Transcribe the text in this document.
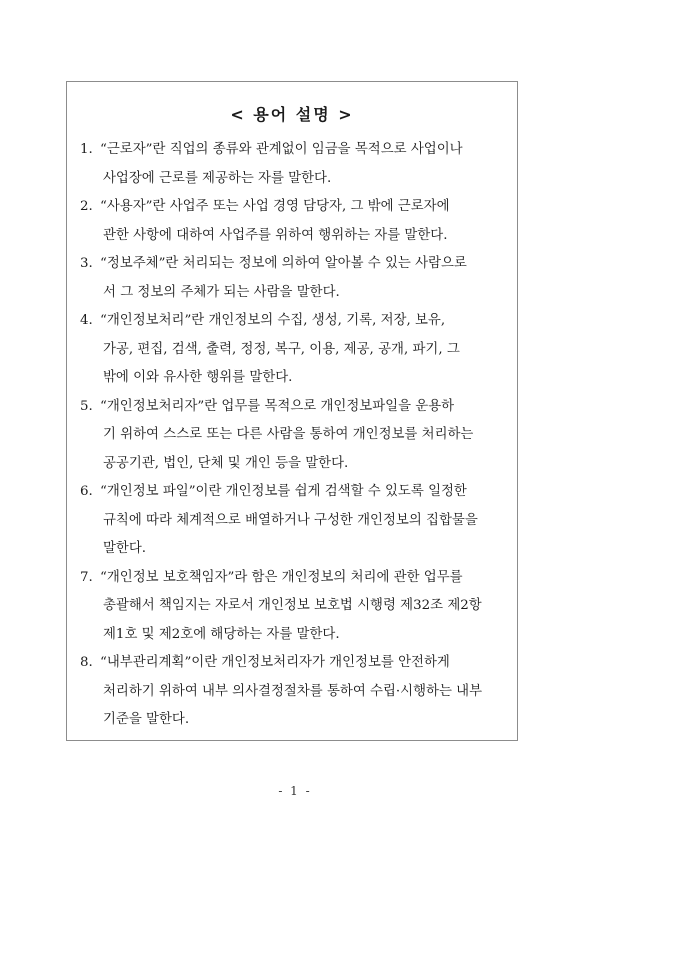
< 용어 설명 >
1. “근로자”란 직업의 종류와 관계없이 임금을 목적으로 사업이나
사업장에 근로를 제공하는 자를 말한다.
2. “사용자”란 사업주 또는 사업 경영 담당자, 그 밖에 근로자에
관한 사항에 대하여 사업주를 위하여 행위하는 자를 말한다.
3. “정보주체”란 처리되는 정보에 의하여 알아볼 수 있는 사람으로
서 그 정보의 주체가 되는 사람을 말한다.
4. “개인정보처리”란 개인정보의 수집, 생성, 기록, 저장, 보유,
가공, 편집, 검색, 출력, 정정, 복구, 이용, 제공, 공개, 파기, 그
밖에 이와 유사한 행위를 말한다.
5. “개인정보처리자”란 업무를 목적으로 개인정보파일을 운용하
기 위하여 스스로 또는 다른 사람을 통하여 개인정보를 처리하는
공공기관, 법인, 단체 및 개인 등을 말한다.
6. “개인정보 파일”이란 개인정보를 쉽게 검색할 수 있도록 일정한
규칙에 따라 체계적으로 배열하거나 구성한 개인정보의 집합물을
말한다.
7. “개인정보 보호책임자”라 함은 개인정보의 처리에 관한 업무를
총괄해서 책임지는 자로서 개인정보 보호법 시행령 제32조 제2항
제1호 및 제2호에 해당하는 자를 말한다.
8. “내부관리계획”이란 개인정보처리자가 개인정보를 안전하게
처리하기 위하여 내부 의사결정절차를 통하여 수립·시행하는 내부
기준을 말한다.
- 1 -
